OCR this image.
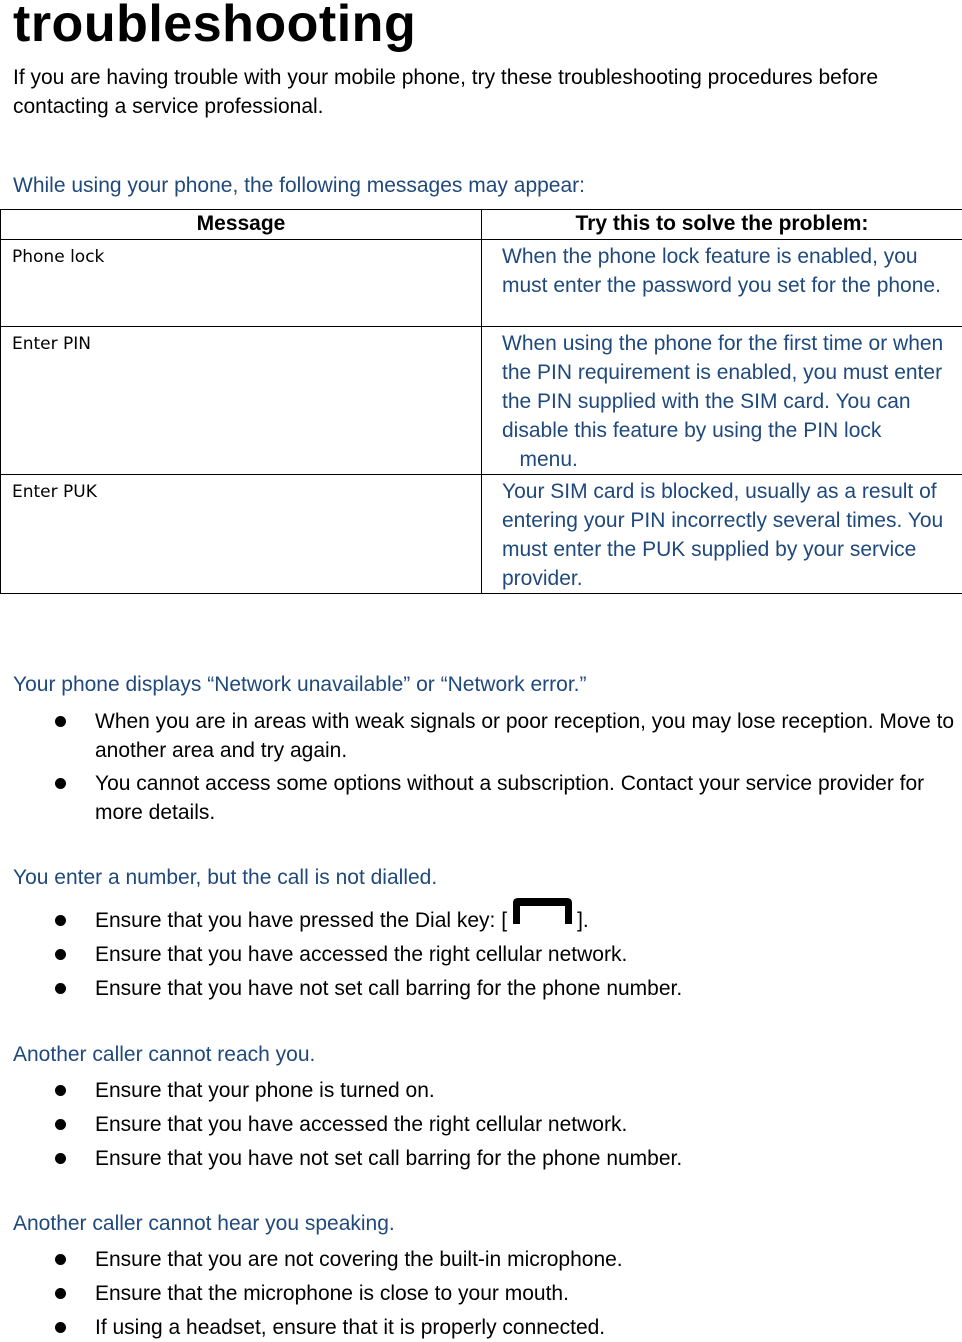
troubleshooting
If you are having trouble with your mobile phone, try these troubleshooting procedures before contacting a service professional.
While using your phone, the following messages may appear:
Message	Try this to solve the problem:
Phone lock	When the phone lock feature is enabled, you must enter the password you set for the phone.
Enter PIN	When using the phone for the first time or when the PIN requirement is enabled, you must enter the PIN supplied with the SIM card. You can disable this feature by using the PIN lock   menu.
Enter PUK	Your SIM card is blocked, usually as a result of entering your PIN incorrectly several times. You must enter the PUK supplied by your service provider.
Your phone displays “Network unavailable” or “Network error.”
When you are in areas with weak signals or poor reception, you may lose reception. Move to another area and try again.
You cannot access some options without a subscription. Contact your service provider for more details.
You enter a number, but the call is not dialled.
Ensure that you have pressed the Dial key: [	].
Ensure that you have accessed the right cellular network.
Ensure that you have not set call barring for the phone number.
Another caller cannot reach you.
Ensure that your phone is turned on.
Ensure that you have accessed the right cellular network.
Ensure that you have not set call barring for the phone number.
Another caller cannot hear you speaking.
Ensure that you are not covering the built-in microphone.
Ensure that the microphone is close to your mouth.
If using a headset, ensure that it is properly connected.
